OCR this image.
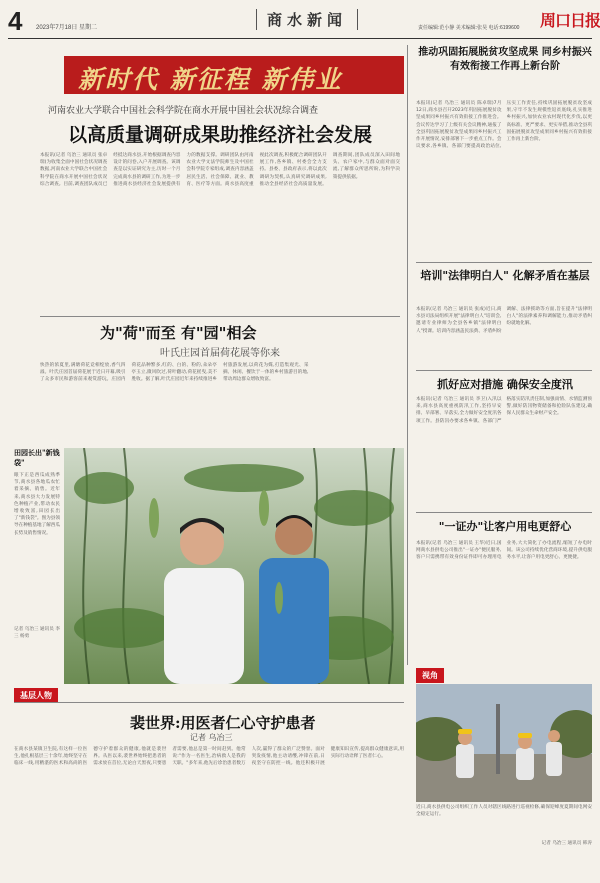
4 2023年7月18日 星期二	商水新闻	责任编辑:范小静 美术编辑:张昊 电话:6199600 周口日报
新时代 新征程 新伟业
河南农业大学联合中国社会科学院在商水开展中国社会状况综合调查
以高质量调研成果助推经济社会发展
本报讯(记者 乌冶三 通讯员 张卓瑞)为收集全面中国社会状况调查数据,河南农业大学联合中国社会科学院在商水开展中国社会状况综合调查。目前,调查团队成员已经抵达商水县,开始根据调查内容设计的问卷,入户开展调查。该调查是以实证研究为主,历时一个月完成商水县的调研工作,为进一步推进商水县经济社会发展提供有力的数据支撑。调研团队由河南农业大学文法学院师生及中国社会科学院专家组成,调查内容涵盖居民生活、社会保障、就业、教育、医疗等方面。商水县高度重视此次调查,积极配合调研团队开展工作,各乡镇、村委会全力支持。县委、县政府表示,将以此次调研为契机,认真研究调研成果,推动全县经济社会高质量发展。调查期间,团队成员深入田间地头、农户家中,与群众面对面交流,了解群众所思所盼,为科学决策提供依据。
为"荷"而至 有"园"相会
叶氏庄园首届荷花展等你来
快热的浓夏里,满塘荷花竞相绽放,香气四溢。叶氏庄园首届荷花展于近日开幕,吸引了众多市民和游客前来观赏游玩。庄园内荷花品种繁多,红的、白的、粉的,朵朵亭亭玉立,微风吹过,荷叶翻动,荷花摇曳,美不胜收。据了解,叶氏庄园近年来持续推进乡村旅游发展,以荷花为媒,打造集观光、采摘、休闲、餐饮于一体的乡村旅游目的地,带动周边群众增收致富。
田园长出"新钱袋"
眼下正是西瓜成熟季节,商水县各地瓜农忙着采摘、销售。近年来,商水县大力发展特色种植产业,带动农民增收致富,田园长出了"新钱袋"。图为县领导在种植基地了解西瓜长势及销售情况。
记者 乌冶三 通讯员 李三 杨勇
基层人物
裴世界:用医者仁心守护患者
记者 乌冶三
在商水县某镇卫生院,有这样一位医生,他扎根基层三十余年,始终坚守在临床一线,用精湛的医术和高尚的医德守护着群众的健康,他就是裴世界。从医以来,裴世界始终把患者的需求放在首位,无论白天黑夜,只要患者需要,他总是第一时间赶到。他常说:"作为一名医生,治病救人是我的天职。"多年来,他先后诊治患者数万人次,赢得了群众的广泛赞誉。面对突发疫情,他主动请缨,冲锋在前,日夜坚守在防控一线。他还积极开展健康知识宣传,提高群众健康意识,用实际行动诠释了医者仁心。
推动巩固拓展脱贫攻坚成果 同乡村振兴有效衔接工作再上新台阶
本报讯(记者 乌冶三 通讯员 陈卓瑞)7月12日,商水县召开2023年巩固拓展脱贫攻坚成果同乡村振兴有效衔接工作推进会。会议传达学习了上级有关会议精神,通报了全县巩固拓展脱贫攻坚成果同乡村振兴工作开展情况,安排部署下一步重点工作。会议要求,各乡镇、各部门要提高政治站位,压实工作责任,持续巩固拓展脱贫攻坚成果,守牢不发生规模性返贫底线,扎实推进乡村振兴,加快农业农村现代化步伐,以更高标准、更严要求、更实举措,推动全县巩固拓展脱贫攻坚成果同乡村振兴有效衔接工作再上新台阶。
培训"法律明白人" 化解矛盾在基层
本报讯(记者 乌冶三 通讯员 张成)近日,商水县司法局组织开展"法律明白人"培训会,邀请专业律师为全县各乡镇"法律明白人"授课。培训内容涵盖民法典、矛盾纠纷调解、法律援助等方面,旨在提升"法律明白人"的法律素养和调解能力,推动矛盾纠纷就地化解。
抓好应对措施 确保安全度汛
本报讯(记者 乌冶三 通讯员 李卫)入汛以来,商水县高度重视防汛工作,坚持早安排、早部署、早落实,全力做好安全度汛各项工作。县防汛办要求各乡镇、各部门严格落实防汛责任制,加强雨情、水情监测预警,做好防汛物资储备和抢险队伍建设,确保人民群众生命财产安全。
"一证办"让客户用电更舒心
本报讯(记者 乌冶三 通讯员 王华)近日,国网商水县供电公司推出"一证办"便民服务,客户只需携带有效身份证件即可办理用电业务,大大简化了办电流程,缩短了办电时间。该公司持续优化营商环境,提升供电服务水平,让客户用电更舒心、更便捷。
视角
近日,商水县供电公司组织工作人员对辖区线路进行巡视检修,确保迎峰度夏期间电网安全稳定运行。
记者 乌冶三 通讯员 韩涛
